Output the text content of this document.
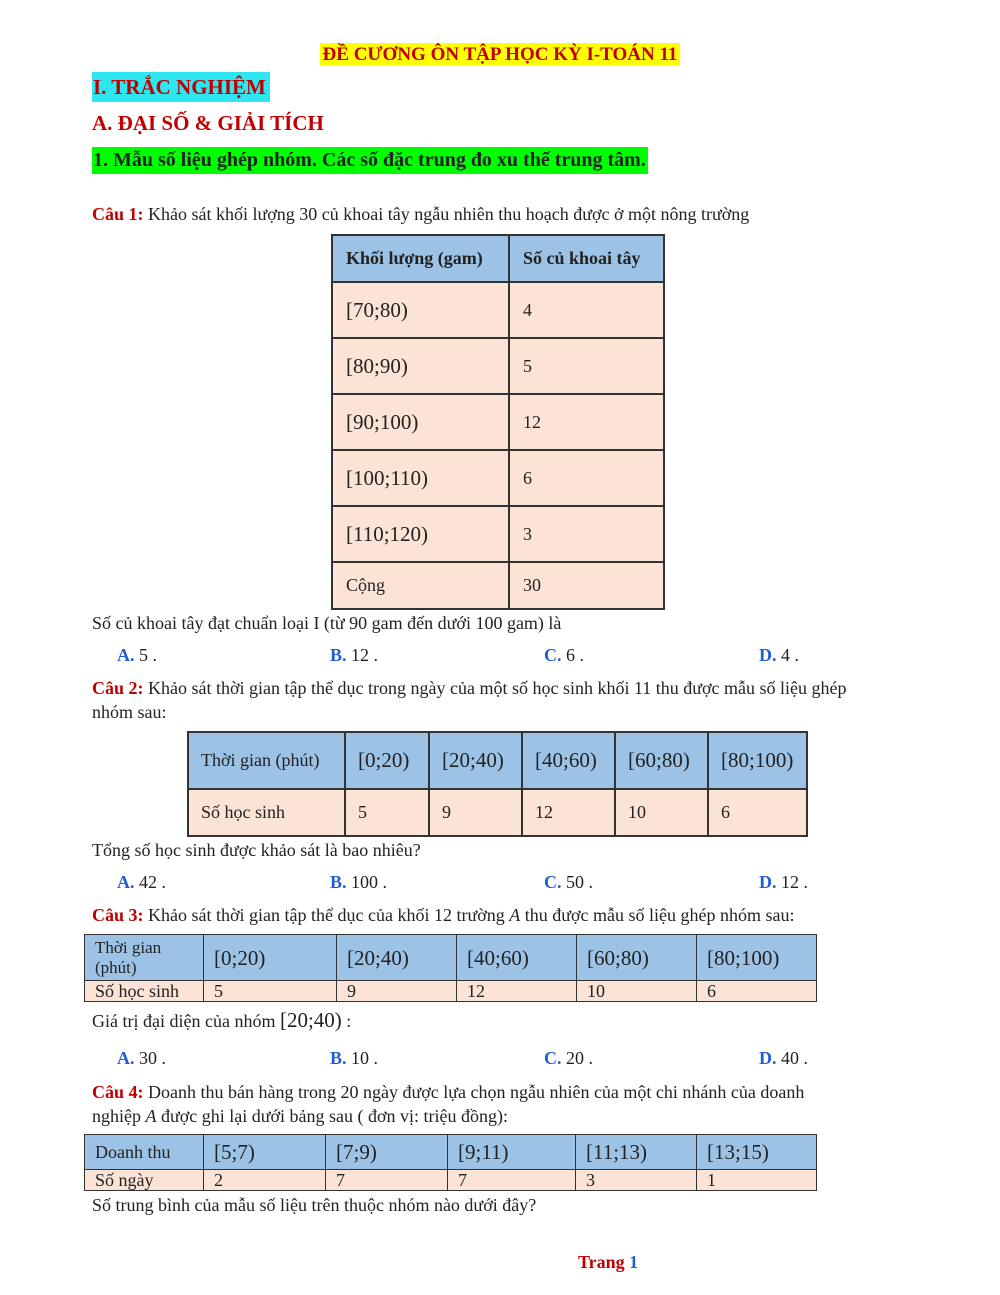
ĐỀ CƯƠNG ÔN TẬP HỌC KỲ I-TOÁN 11
I. TRẮC NGHIỆM
A. ĐẠI SỐ & GIẢI TÍCH
1. Mẫu số liệu ghép nhóm. Các số đặc trung đo xu thế trung tâm.
Câu 1: Khảo sát khối lượng 30 củ khoai tây ngẫu nhiên thu hoạch được ở một nông trường
Khối lượng (gam)	Số củ khoai tây
[70;80)	4
[80;90)	5
[90;100)	12
[100;110)	6
[110;120)	3
Cộng	30
Số củ khoai tây đạt chuẩn loại I (từ 90 gam đến dưới 100 gam) là
A. 5 .	B. 12 .	C. 6 .	D. 4 .
Câu 2: Khảo sát thời gian tập thể dục trong ngày của một số học sinh khối 11 thu được mẫu số liệu ghép nhóm sau:
Thời gian (phút)	[0;20)	[20;40)	[40;60)	[60;80)	[80;100)
Số học sinh	5	9	12	10	6
Tổng số học sinh được khảo sát là bao nhiêu?
A. 42 .	B. 100 .	C. 50 .	D. 12 .
Câu 3: Khảo sát thời gian tập thể dục của khối 12 trường A thu được mẫu số liệu ghép nhóm sau:
Thời gian (phút)	[0;20)	[20;40)	[40;60)	[60;80)	[80;100)
Số học sinh	5	9	12	10	6
Giá trị đại diện của nhóm [20;40) :
A. 30 .	B. 10 .	C. 20 .	D. 40 .
Câu 4: Doanh thu bán hàng trong 20 ngày được lựa chọn ngẫu nhiên của một chi nhánh của doanh
nghiệp A được ghi lại dưới bảng sau ( đơn vị: triệu đồng):
Doanh thu	[5;7)	[7;9)	[9;11)	[11;13)	[13;15)
Số ngày	2	7	7	3	1
Số trung bình của mẫu số liệu trên thuộc nhóm nào dưới đây?
Trang 1
